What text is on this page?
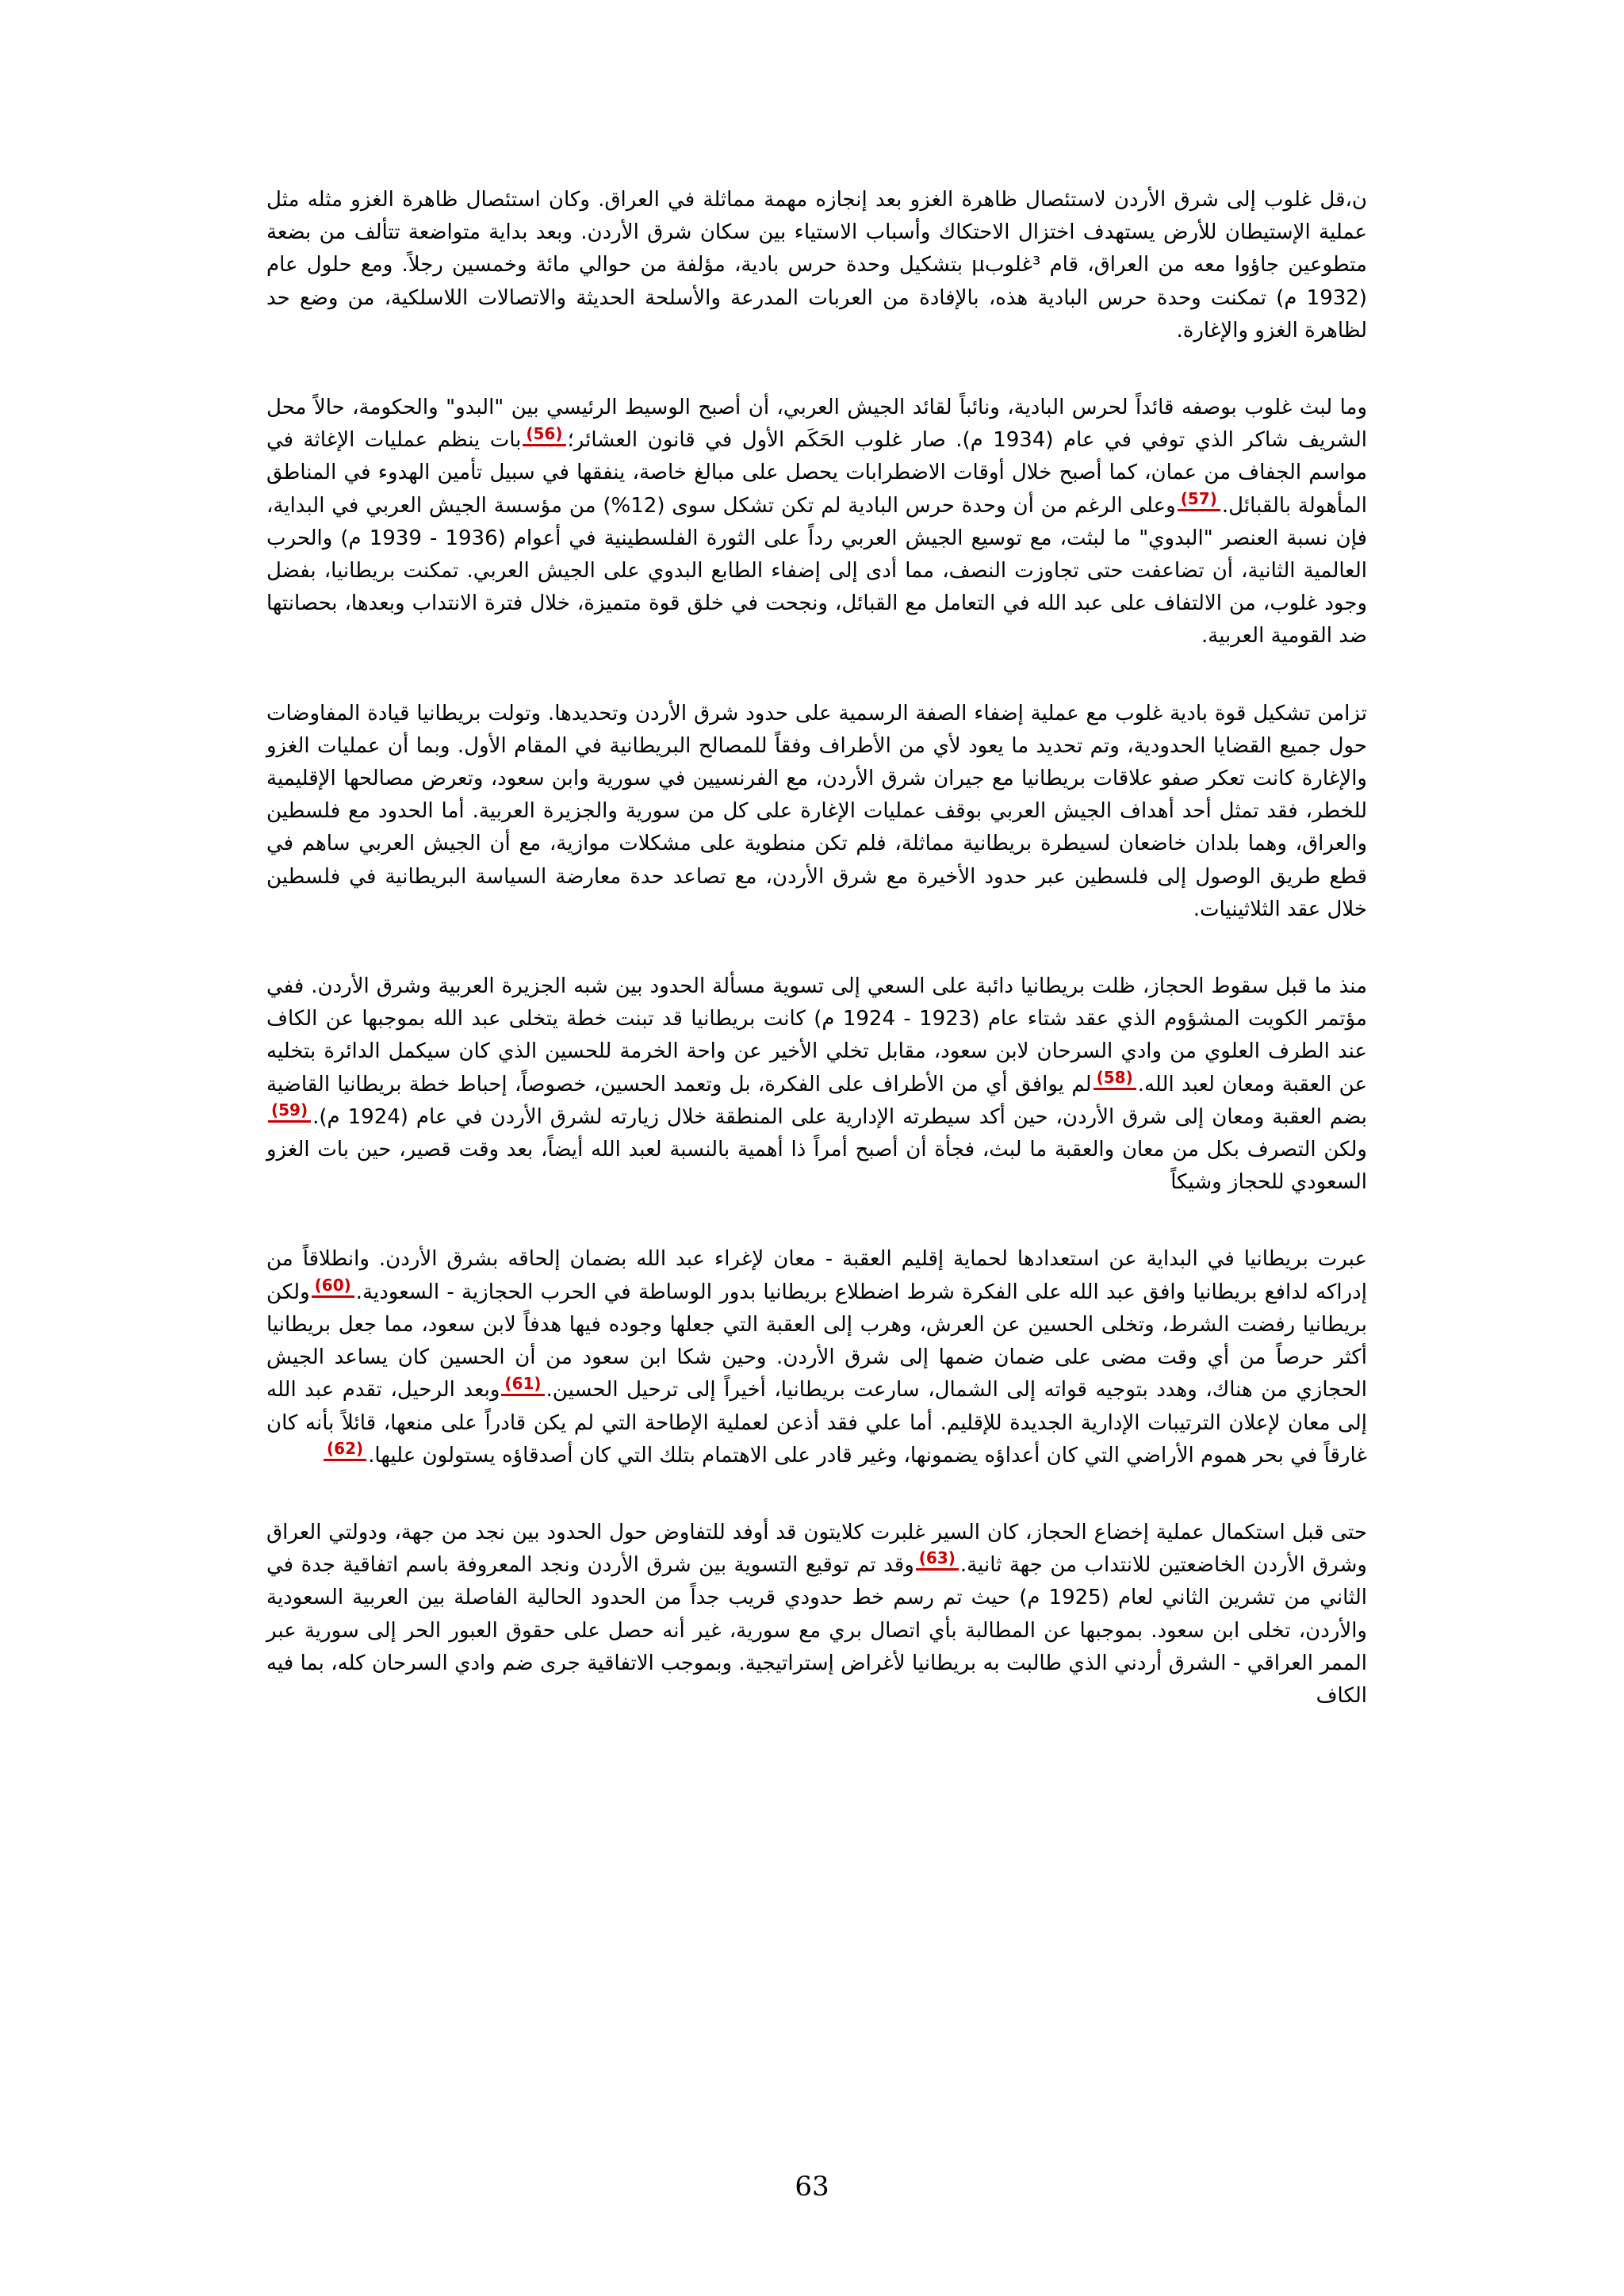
ن،قل غلوب إلى شرق الأردن لاستئصال ظاهرة الغزو بعد إنجازه مهمة مماثلة في العراق. وكان استئصال ظاهرة الغزو مثله مثل عملية الإستيطان للأرض يستهدف اختزال الاحتكاك وأسباب الاستياء بين سكان شرق الأردن. وبعد بداية متواضعة تتألف من بضعة متطوعين جاؤوا معه من العراق، قام ³غلوبµ بتشكيل وحدة حرس بادية، مؤلفة من حوالي مائة وخمسين رجلاً. ومع حلول عام (1932 م) تمكنت وحدة حرس البادية هذه، بالإفادة من العربات المدرعة والأسلحة الحديثة والاتصالات اللاسلكية، من وضع حد لظاهرة الغزو والإغارة.

وما لبث غلوب بوصفه قائداً لحرس البادية، ونائباً لقائد الجيش العربي، أن أصبح الوسيط الرئيسي بين "البدو" والحكومة، حالاً محل الشريف شاكر الذي توفي في عام (1934 م). صار غلوب الحَكَم الأول في قانون العشائر؛(56)بات ينظم عمليات الإغاثة في مواسم الجفاف من عمان، كما أصبح خلال أوقات الاضطرابات يحصل على مبالغ خاصة، ينفقها في سبيل تأمين الهدوء في المناطق المأهولة بالقبائل.(57)وعلى الرغم من أن وحدة حرس البادية لم تكن تشكل سوى (12%) من مؤسسة الجيش العربي في البداية، فإن نسبة العنصر "البدوي" ما لبثت، مع توسيع الجيش العربي رداً على الثورة الفلسطينية في أعوام (1936 - 1939 م) والحرب العالمية الثانية، أن تضاعفت حتى تجاوزت النصف، مما أدى إلى إضفاء الطابع البدوي على الجيش العربي. تمكنت بريطانيا، بفضل وجود غلوب، من الالتفاف على عبد الله في التعامل مع القبائل، ونجحت في خلق قوة متميزة، خلال فترة الانتداب وبعدها، بحصانتها ضد القومية العربية.

تزامن تشكيل قوة بادية غلوب مع عملية إضفاء الصفة الرسمية على حدود شرق الأردن وتحديدها. وتولت بريطانيا قيادة المفاوضات حول جميع القضايا الحدودية، وتم تحديد ما يعود لأي من الأطراف وفقاً للمصالح البريطانية في المقام الأول. وبما أن عمليات الغزو والإغارة كانت تعكر صفو علاقات بريطانيا مع جيران شرق الأردن، مع الفرنسيين في سورية وابن سعود، وتعرض مصالحها الإقليمية للخطر، فقد تمثل أحد أهداف الجيش العربي بوقف عمليات الإغارة على كل من سورية والجزيرة العربية. أما الحدود مع فلسطين والعراق، وهما بلدان خاضعان لسيطرة بريطانية مماثلة، فلم تكن منطوية على مشكلات موازية، مع أن الجيش العربي ساهم في قطع طريق الوصول إلى فلسطين عبر حدود الأخيرة مع شرق الأردن، مع تصاعد حدة معارضة السياسة البريطانية في فلسطين خلال عقد الثلاثينيات.

منذ ما قبل سقوط الحجاز، ظلت بريطانيا دائبة على السعي إلى تسوية مسألة الحدود بين شبه الجزيرة العربية وشرق الأردن. ففي مؤتمر الكويت المشؤوم الذي عقد شتاء عام (1923 - 1924 م) كانت بريطانيا قد تبنت خطة يتخلى عبد الله بموجبها عن الكاف عند الطرف العلوي من وادي السرحان لابن سعود، مقابل تخلي الأخير عن واحة الخرمة للحسين الذي كان سيكمل الدائرة بتخليه عن العقبة ومعان لعبد الله.(58)لم يوافق أي من الأطراف على الفكرة، بل وتعمد الحسين، خصوصاً، إحباط خطة بريطانيا القاضية بضم العقبة ومعان إلى شرق الأردن، حين أكد سيطرته الإدارية على المنطقة خلال زيارته لشرق الأردن في عام (1924 م).(59)ولكن التصرف بكل من معان والعقبة ما لبث، فجأة أن أصبح أمراً ذا أهمية بالنسبة لعبد الله أيضاً، بعد وقت قصير، حين بات الغزو السعودي للحجاز وشيكاً

عبرت بريطانيا في البداية عن استعدادها لحماية إقليم العقبة - معان لإغراء عبد الله بضمان إلحاقه بشرق الأردن. وانطلاقاً من إدراكه لدافع بريطانيا وافق عبد الله على الفكرة شرط اضطلاع بريطانيا بدور الوساطة في الحرب الحجازية - السعودية.(60)ولكن بريطانيا رفضت الشرط، وتخلى الحسين عن العرش، وهرب إلى العقبة التي جعلها وجوده فيها هدفاً لابن سعود، مما جعل بريطانيا أكثر حرصاً من أي وقت مضى على ضمان ضمها إلى شرق الأردن. وحين شكا ابن سعود من أن الحسين كان يساعد الجيش الحجازي من هناك، وهدد بتوجيه قواته إلى الشمال، سارعت بريطانيا، أخيراً إلى ترحيل الحسين.(61)وبعد الرحيل، تقدم عبد الله إلى معان لإعلان الترتيبات الإدارية الجديدة للإقليم. أما علي فقد أذعن لعملية الإطاحة التي لم يكن قادراً على منعها، قائلاً بأنه كان غارقاً في بحر هموم الأراضي التي كان أعداؤه يضمونها، وغير قادر على الاهتمام بتلك التي كان أصدقاؤه يستولون عليها.(62)

حتى قبل استكمال عملية إخضاع الحجاز، كان السير غلبرت كلايتون قد أوفد للتفاوض حول الحدود بين نجد من جهة، ودولتي العراق وشرق الأردن الخاضعتين للانتداب من جهة ثانية.(63)وقد تم توقيع التسوية بين شرق الأردن ونجد المعروفة باسم اتفاقية جدة في الثاني من تشرين الثاني لعام (1925 م) حيث تم رسم خط حدودي قريب جداً من الحدود الحالية الفاصلة بين العربية السعودية والأردن، تخلى ابن سعود. بموجبها عن المطالبة بأي اتصال بري مع سورية، غير أنه حصل على حقوق العبور الحر إلى سورية عبر الممر العراقي - الشرق أردني الذي طالبت به بريطانيا لأغراض إستراتيجية. وبموجب الاتفاقية جرى ضم وادي السرحان كله، بما فيه الكاف

63
